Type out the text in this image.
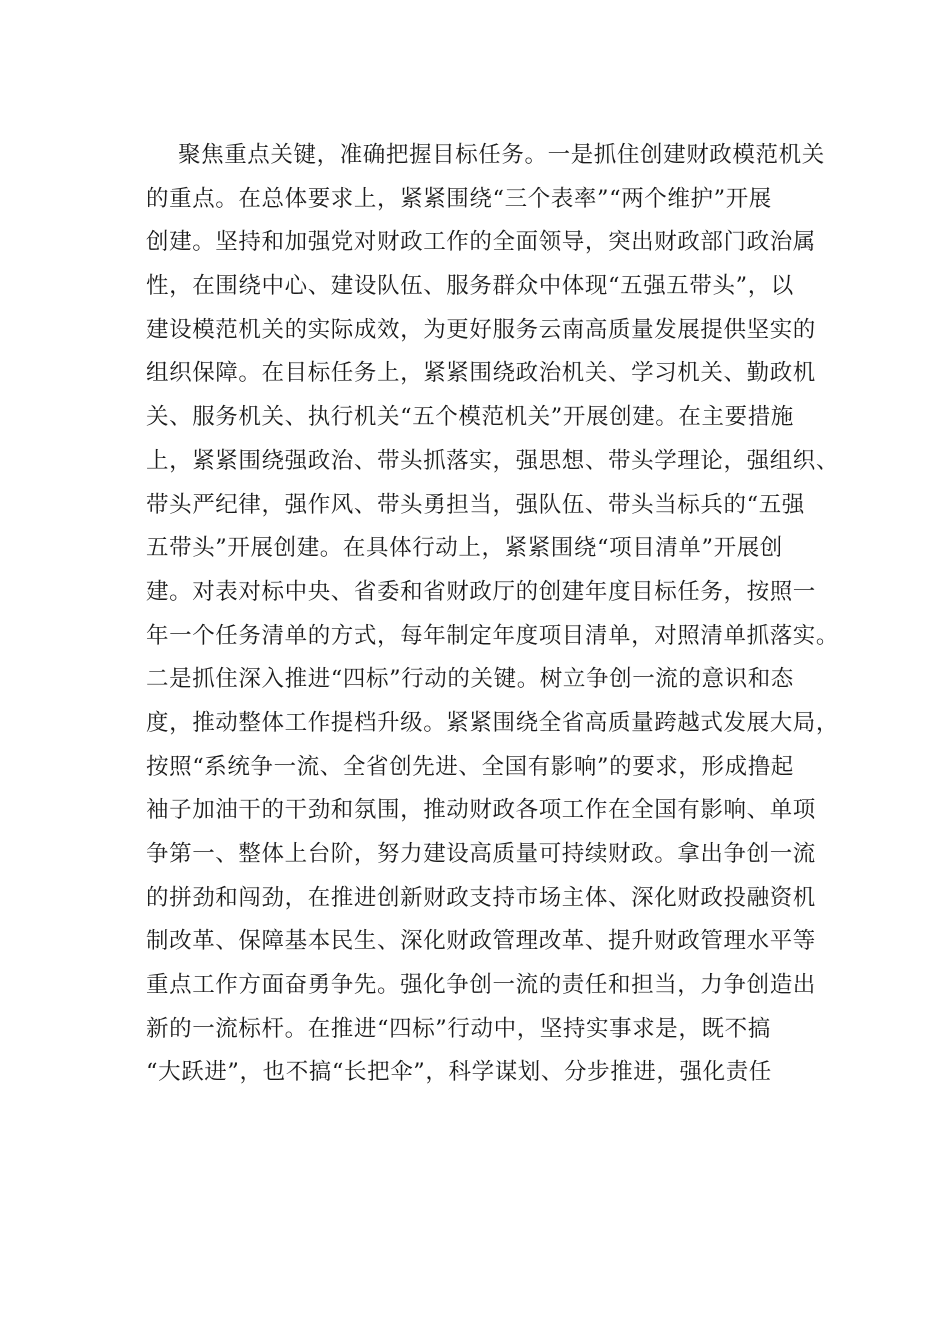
聚焦重点关键，准确把握目标任务。一是抓住创建财政模范机关
的重点。在总体要求上，紧紧围绕“三个表率”“两个维护”开展
创建。坚持和加强党对财政工作的全面领导，突出财政部门政治属
性，在围绕中心、建设队伍、服务群众中体现“五强五带头”，以
建设模范机关的实际成效，为更好服务云南高质量发展提供坚实的
组织保障。在目标任务上，紧紧围绕政治机关、学习机关、勤政机
关、服务机关、执行机关“五个模范机关”开展创建。在主要措施
上，紧紧围绕强政治、带头抓落实，强思想、带头学理论，强组织、
带头严纪律，强作风、带头勇担当，强队伍、带头当标兵的“五强
五带头”开展创建。在具体行动上，紧紧围绕“项目清单”开展创
建。对表对标中央、省委和省财政厅的创建年度目标任务，按照一
年一个任务清单的方式，每年制定年度项目清单，对照清单抓落实。
二是抓住深入推进“四标”行动的关键。树立争创一流的意识和态
度，推动整体工作提档升级。紧紧围绕全省高质量跨越式发展大局，
按照“系统争一流、全省创先进、全国有影响”的要求，形成撸起
袖子加油干的干劲和氛围，推动财政各项工作在全国有影响、单项
争第一、整体上台阶，努力建设高质量可持续财政。拿出争创一流
的拼劲和闯劲，在推进创新财政支持市场主体、深化财政投融资机
制改革、保障基本民生、深化财政管理改革、提升财政管理水平等
重点工作方面奋勇争先。强化争创一流的责任和担当，力争创造出
新的一流标杆。在推进“四标”行动中，坚持实事求是，既不搞
“大跃进”，也不搞“长把伞”，科学谋划、分步推进，强化责任
